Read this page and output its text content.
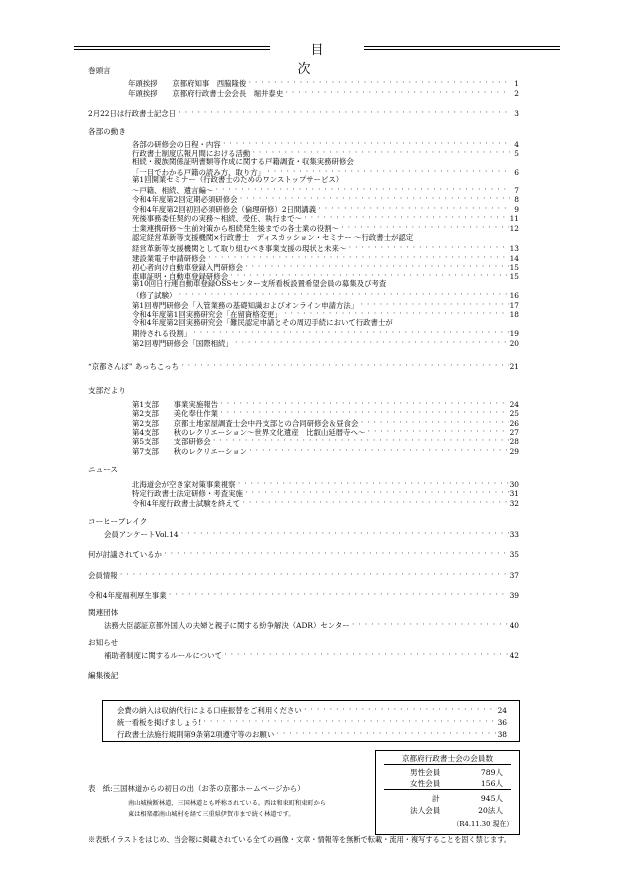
目　次
巻頭言
年頭挨拶　　京都府知事　西脇隆俊 ・・・・・・・・・・・・・・・・・・・・・・・・・・・・・・・・・・・・・・・・・・・・・・・・・・・・・・・・・・・・・・・・・・・・・・・・・・・・・・・・・・・・・・・・・・・・・・・・・・・・・・・・・・・・・・・・	1
年頭挨拶　　京都府行政書士会会長　堀井泰史 ・・・・・・・・・・・・・・・・・・・・・・・・・・・・・・・・・・・・・・・・・・・・・・・・・・・・・・・・・・・・・・・・・・・・・・・・・・・・・・・・・・・・・・・・・・・・・・・・・・・・・・・・・・・・・・・・	2
2月22日は行政書士記念日 ・・・・・・・・・・・・・・・・・・・・・・・・・・・・・・・・・・・・・・・・・・・・・・・・・・・・・・・・・・・・・・・・・・・・・・・・・・・・・・・・・・・・・・・・・・・・・・・・・・・・・・・・・・・・・・・・	3
各部の動き
各部の研修会の日程・内容 ・・・・・・・・・・・・・・・・・・・・・・・・・・・・・・・・・・・・・・・・・・・・・・・・・・・・・・・・・・・・・・・・・・・・・・・・・・・・・・・・・・・・・・・・・・・・・・・・・・・・・・・・・・・・・・・・	4
行政書士制度広報月間における活動 ・・・・・・・・・・・・・・・・・・・・・・・・・・・・・・・・・・・・・・・・・・・・・・・・・・・・・・・・・・・・・・・・・・・・・・・・・・・・・・・・・・・・・・・・・・・・・・・・・・・・・・・・・・・・・・・・	5
相続・親族関係証明書類等作成に関する戸籍調査・収集実務研修会
「一目でわかる戸籍の読み方、取り方」 ・・・・・・・・・・・・・・・・・・・・・・・・・・・・・・・・・・・・・・・・・・・・・・・・・・・・・・・・・・・・・・・・・・・・・・・・・・・・・・・・・・・・・・・・・・・・・・・・・・・・・・・・・・・・・・・・	6
第1回開業セミナー（行政書士のためのワンストップサービス）
～戸籍、相続、遺言編～ ・・・・・・・・・・・・・・・・・・・・・・・・・・・・・・・・・・・・・・・・・・・・・・・・・・・・・・・・・・・・・・・・・・・・・・・・・・・・・・・・・・・・・・・・・・・・・・・・・・・・・・・・・・・・・・・・	7
令和4年度第2回定期必須研修会 ・・・・・・・・・・・・・・・・・・・・・・・・・・・・・・・・・・・・・・・・・・・・・・・・・・・・・・・・・・・・・・・・・・・・・・・・・・・・・・・・・・・・・・・・・・・・・・・・・・・・・・・・・・・・・・・・	8
令和4年度第2回初回必須研修会（倫理研修）2日間講義 ・・・・・・・・・・・・・・・・・・・・・・・・・・・・・・・・・・・・・・・・・・・・・・・・・・・・・・・・・・・・・・・・・・・・・・・・・・・・・・・・・・・・・・・・・・・・・・・・・・・・・・・・・・・・・・・・	9
死後事務委任契約の実務～相続、受任、執行まで～ ・・・・・・・・・・・・・・・・・・・・・・・・・・・・・・・・・・・・・・・・・・・・・・・・・・・・・・・・・・・・・・・・・・・・・・・・・・・・・・・・・・・・・・・・・・・・・・・・・・・・・・・・・・・・・・・・	11
士業連携研修～生前対策から相続発生後までの各士業の役割～ ・・・・・・・・・・・・・・・・・・・・・・・・・・・・・・・・・・・・・・・・・・・・・・・・・・・・・・・・・・・・・・・・・・・・・・・・・・・・・・・・・・・・・・・・・・・・・・・・・・・・・・・・・・・・・・・・	12
認定経営革新等支援機関×行政書士　ディスカッション・セミナー ～行政書士が認定
経営革新等支援機関として取り組むべき事業支援の現状と未来～ ・・・・・・・・・・・・・・・・・・・・・・・・・・・・・・・・・・・・・・・・・・・・・・・・・・・・・・・・・・・・・・・・・・・・・・・・・・・・・・・・・・・・・・・・・・・・・・・・・・・・・・・・・・・・・・・・	13
建設業電子申請研修会 ・・・・・・・・・・・・・・・・・・・・・・・・・・・・・・・・・・・・・・・・・・・・・・・・・・・・・・・・・・・・・・・・・・・・・・・・・・・・・・・・・・・・・・・・・・・・・・・・・・・・・・・・・・・・・・・・	14
初心者向け自動車登録入門研修会 ・・・・・・・・・・・・・・・・・・・・・・・・・・・・・・・・・・・・・・・・・・・・・・・・・・・・・・・・・・・・・・・・・・・・・・・・・・・・・・・・・・・・・・・・・・・・・・・・・・・・・・・・・・・・・・・・	15
車庫証明・自動車登録研修会 ・・・・・・・・・・・・・・・・・・・・・・・・・・・・・・・・・・・・・・・・・・・・・・・・・・・・・・・・・・・・・・・・・・・・・・・・・・・・・・・・・・・・・・・・・・・・・・・・・・・・・・・・・・・・・・・・	15
第10回日行連自動車登録OSSセンター支所看板設置希望会員の募集及び考査
（修了試験） ・・・・・・・・・・・・・・・・・・・・・・・・・・・・・・・・・・・・・・・・・・・・・・・・・・・・・・・・・・・・・・・・・・・・・・・・・・・・・・・・・・・・・・・・・・・・・・・・・・・・・・・・・・・・・・・・	16
第1回専門研修会「入管業務の基礎知識およびオンライン申請方法」 ・・・・・・・・・・・・・・・・・・・・・・・・・・・・・・・・・・・・・・・・・・・・・・・・・・・・・・・・・・・・・・・・・・・・・・・・・・・・・・・・・・・・・・・・・・・・・・・・・・・・・・・・・・・・・・・・	17
令和4年度第1回実務研究会「在留資格変更」 ・・・・・・・・・・・・・・・・・・・・・・・・・・・・・・・・・・・・・・・・・・・・・・・・・・・・・・・・・・・・・・・・・・・・・・・・・・・・・・・・・・・・・・・・・・・・・・・・・・・・・・・・・・・・・・・・	18
令和4年度第2回実務研究会「難民認定申請とその周辺手続において行政書士が
期待される役割」 ・・・・・・・・・・・・・・・・・・・・・・・・・・・・・・・・・・・・・・・・・・・・・・・・・・・・・・・・・・・・・・・・・・・・・・・・・・・・・・・・・・・・・・・・・・・・・・・・・・・・・・・・・・・・・・・・	19
第2回専門研修会「国際相続」 ・・・・・・・・・・・・・・・・・・・・・・・・・・・・・・・・・・・・・・・・・・・・・・・・・・・・・・・・・・・・・・・・・・・・・・・・・・・・・・・・・・・・・・・・・・・・・・・・・・・・・・・・・・・・・・・・	20
“京都さんぽ” あっちこっち ・・・・・・・・・・・・・・・・・・・・・・・・・・・・・・・・・・・・・・・・・・・・・・・・・・・・・・・・・・・・・・・・・・・・・・・・・・・・・・・・・・・・・・・・・・・・・・・・・・・・・・・・・・・・・・・・	21
支部だより
第1支部　　事業実施報告 ・・・・・・・・・・・・・・・・・・・・・・・・・・・・・・・・・・・・・・・・・・・・・・・・・・・・・・・・・・・・・・・・・・・・・・・・・・・・・・・・・・・・・・・・・・・・・・・・・・・・・・・・・・・・・・・・	24
第2支部　　美化奉仕作業 ・・・・・・・・・・・・・・・・・・・・・・・・・・・・・・・・・・・・・・・・・・・・・・・・・・・・・・・・・・・・・・・・・・・・・・・・・・・・・・・・・・・・・・・・・・・・・・・・・・・・・・・・・・・・・・・・	25
第2支部　　京都土地家屋調査士会中丹支部との合同研修会＆昼食会 ・・・・・・・・・・・・・・・・・・・・・・・・・・・・・・・・・・・・・・・・・・・・・・・・・・・・・・・・・・・・・・・・・・・・・・・・・・・・・・・・・・・・・・・・・・・・・・・・・・・・・・・・・・・・・・・・	26
第4支部　　秋のレクリエーション～世界文化遺産　比叡山延暦寺へ～ ・・・・・・・・・・・・・・・・・・・・・・・・・・・・・・・・・・・・・・・・・・・・・・・・・・・・・・・・・・・・・・・・・・・・・・・・・・・・・・・・・・・・・・・・・・・・・・・・・・・・・・・・・・・・・・・・	27
第5支部　　支部研修会 ・・・・・・・・・・・・・・・・・・・・・・・・・・・・・・・・・・・・・・・・・・・・・・・・・・・・・・・・・・・・・・・・・・・・・・・・・・・・・・・・・・・・・・・・・・・・・・・・・・・・・・・・・・・・・・・・	28
第7支部　　秋のレクリエーション ・・・・・・・・・・・・・・・・・・・・・・・・・・・・・・・・・・・・・・・・・・・・・・・・・・・・・・・・・・・・・・・・・・・・・・・・・・・・・・・・・・・・・・・・・・・・・・・・・・・・・・・・・・・・・・・・	29
ニュース
北海道会が空き家対策事業視察 ・・・・・・・・・・・・・・・・・・・・・・・・・・・・・・・・・・・・・・・・・・・・・・・・・・・・・・・・・・・・・・・・・・・・・・・・・・・・・・・・・・・・・・・・・・・・・・・・・・・・・・・・・・・・・・・・	30
特定行政書士法定研修・考査実施 ・・・・・・・・・・・・・・・・・・・・・・・・・・・・・・・・・・・・・・・・・・・・・・・・・・・・・・・・・・・・・・・・・・・・・・・・・・・・・・・・・・・・・・・・・・・・・・・・・・・・・・・・・・・・・・・・	31
令和4年度行政書士試験を終えて ・・・・・・・・・・・・・・・・・・・・・・・・・・・・・・・・・・・・・・・・・・・・・・・・・・・・・・・・・・・・・・・・・・・・・・・・・・・・・・・・・・・・・・・・・・・・・・・・・・・・・・・・・・・・・・・・	32
コーヒーブレイク
会員アンケートVol.14 ・・・・・・・・・・・・・・・・・・・・・・・・・・・・・・・・・・・・・・・・・・・・・・・・・・・・・・・・・・・・・・・・・・・・・・・・・・・・・・・・・・・・・・・・・・・・・・・・・・・・・・・・・・・・・・・・	33
何が討議されているか ・・・・・・・・・・・・・・・・・・・・・・・・・・・・・・・・・・・・・・・・・・・・・・・・・・・・・・・・・・・・・・・・・・・・・・・・・・・・・・・・・・・・・・・・・・・・・・・・・・・・・・・・・・・・・・・・	35
会員情報 ・・・・・・・・・・・・・・・・・・・・・・・・・・・・・・・・・・・・・・・・・・・・・・・・・・・・・・・・・・・・・・・・・・・・・・・・・・・・・・・・・・・・・・・・・・・・・・・・・・・・・・・・・・・・・・・・	37
令和4年度福利厚生事業 ・・・・・・・・・・・・・・・・・・・・・・・・・・・・・・・・・・・・・・・・・・・・・・・・・・・・・・・・・・・・・・・・・・・・・・・・・・・・・・・・・・・・・・・・・・・・・・・・・・・・・・・・・・・・・・・・	39
関連団体
法務大臣認証京都外国人の夫婦と親子に関する紛争解決（ADR）センター ・・・・・・・・・・・・・・・・・・・・・・・・・・・・・・・・・・・・・・・・・・・・・・・・・・・・・・・・・・・・・・・・・・・・・・・・・・・・・・・・・・・・・・・・・・・・・・・・・・・・・・・・・・・・・・・・	40
お知らせ
補助者制度に関するルールについて ・・・・・・・・・・・・・・・・・・・・・・・・・・・・・・・・・・・・・・・・・・・・・・・・・・・・・・・・・・・・・・・・・・・・・・・・・・・・・・・・・・・・・・・・・・・・・・・・・・・・・・・・・・・・・・・・	42
編集後記
会費の納入は収納代行による口座振替をご利用ください ・・・・・・・・・・・・・・・・・・・・・・・・・・・・・・・・・・・・・・・・・・・・・・・・・・・・・・・・・・・・・・・・・・・・・・・・・・・・・・・・・・・・・・・・・・・・・・・・・・・・・・・・・・・・・・・・	24
統一看板を掲げましょう! ・・・・・・・・・・・・・・・・・・・・・・・・・・・・・・・・・・・・・・・・・・・・・・・・・・・・・・・・・・・・・・・・・・・・・・・・・・・・・・・・・・・・・・・・・・・・・・・・・・・・・・・・・・・・・・・・	36
行政書士法施行規則第9条第2項遵守等のお願い ・・・・・・・・・・・・・・・・・・・・・・・・・・・・・・・・・・・・・・・・・・・・・・・・・・・・・・・・・・・・・・・・・・・・・・・・・・・・・・・・・・・・・・・・・・・・・・・・・・・・・・・・・・・・・・・・	38
京都府行政書士会の会員数
男性会員	789人
女性会員	156人
計	945人
法人会員	20法人
（R4.11.30 現在）
表　紙:三国林道からの初日の出（お茶の京都ホームページから）
南山城検断林道、三国林道とも呼称されている。西は和束町和束町から
東は相楽郡南山城村を経て三重県伊賀市まで続く林道です。
※表紙イラストをはじめ、当会報に掲載されている全ての画像・文章・情報等を無断で転載・流用・複写することを固く禁じます。
